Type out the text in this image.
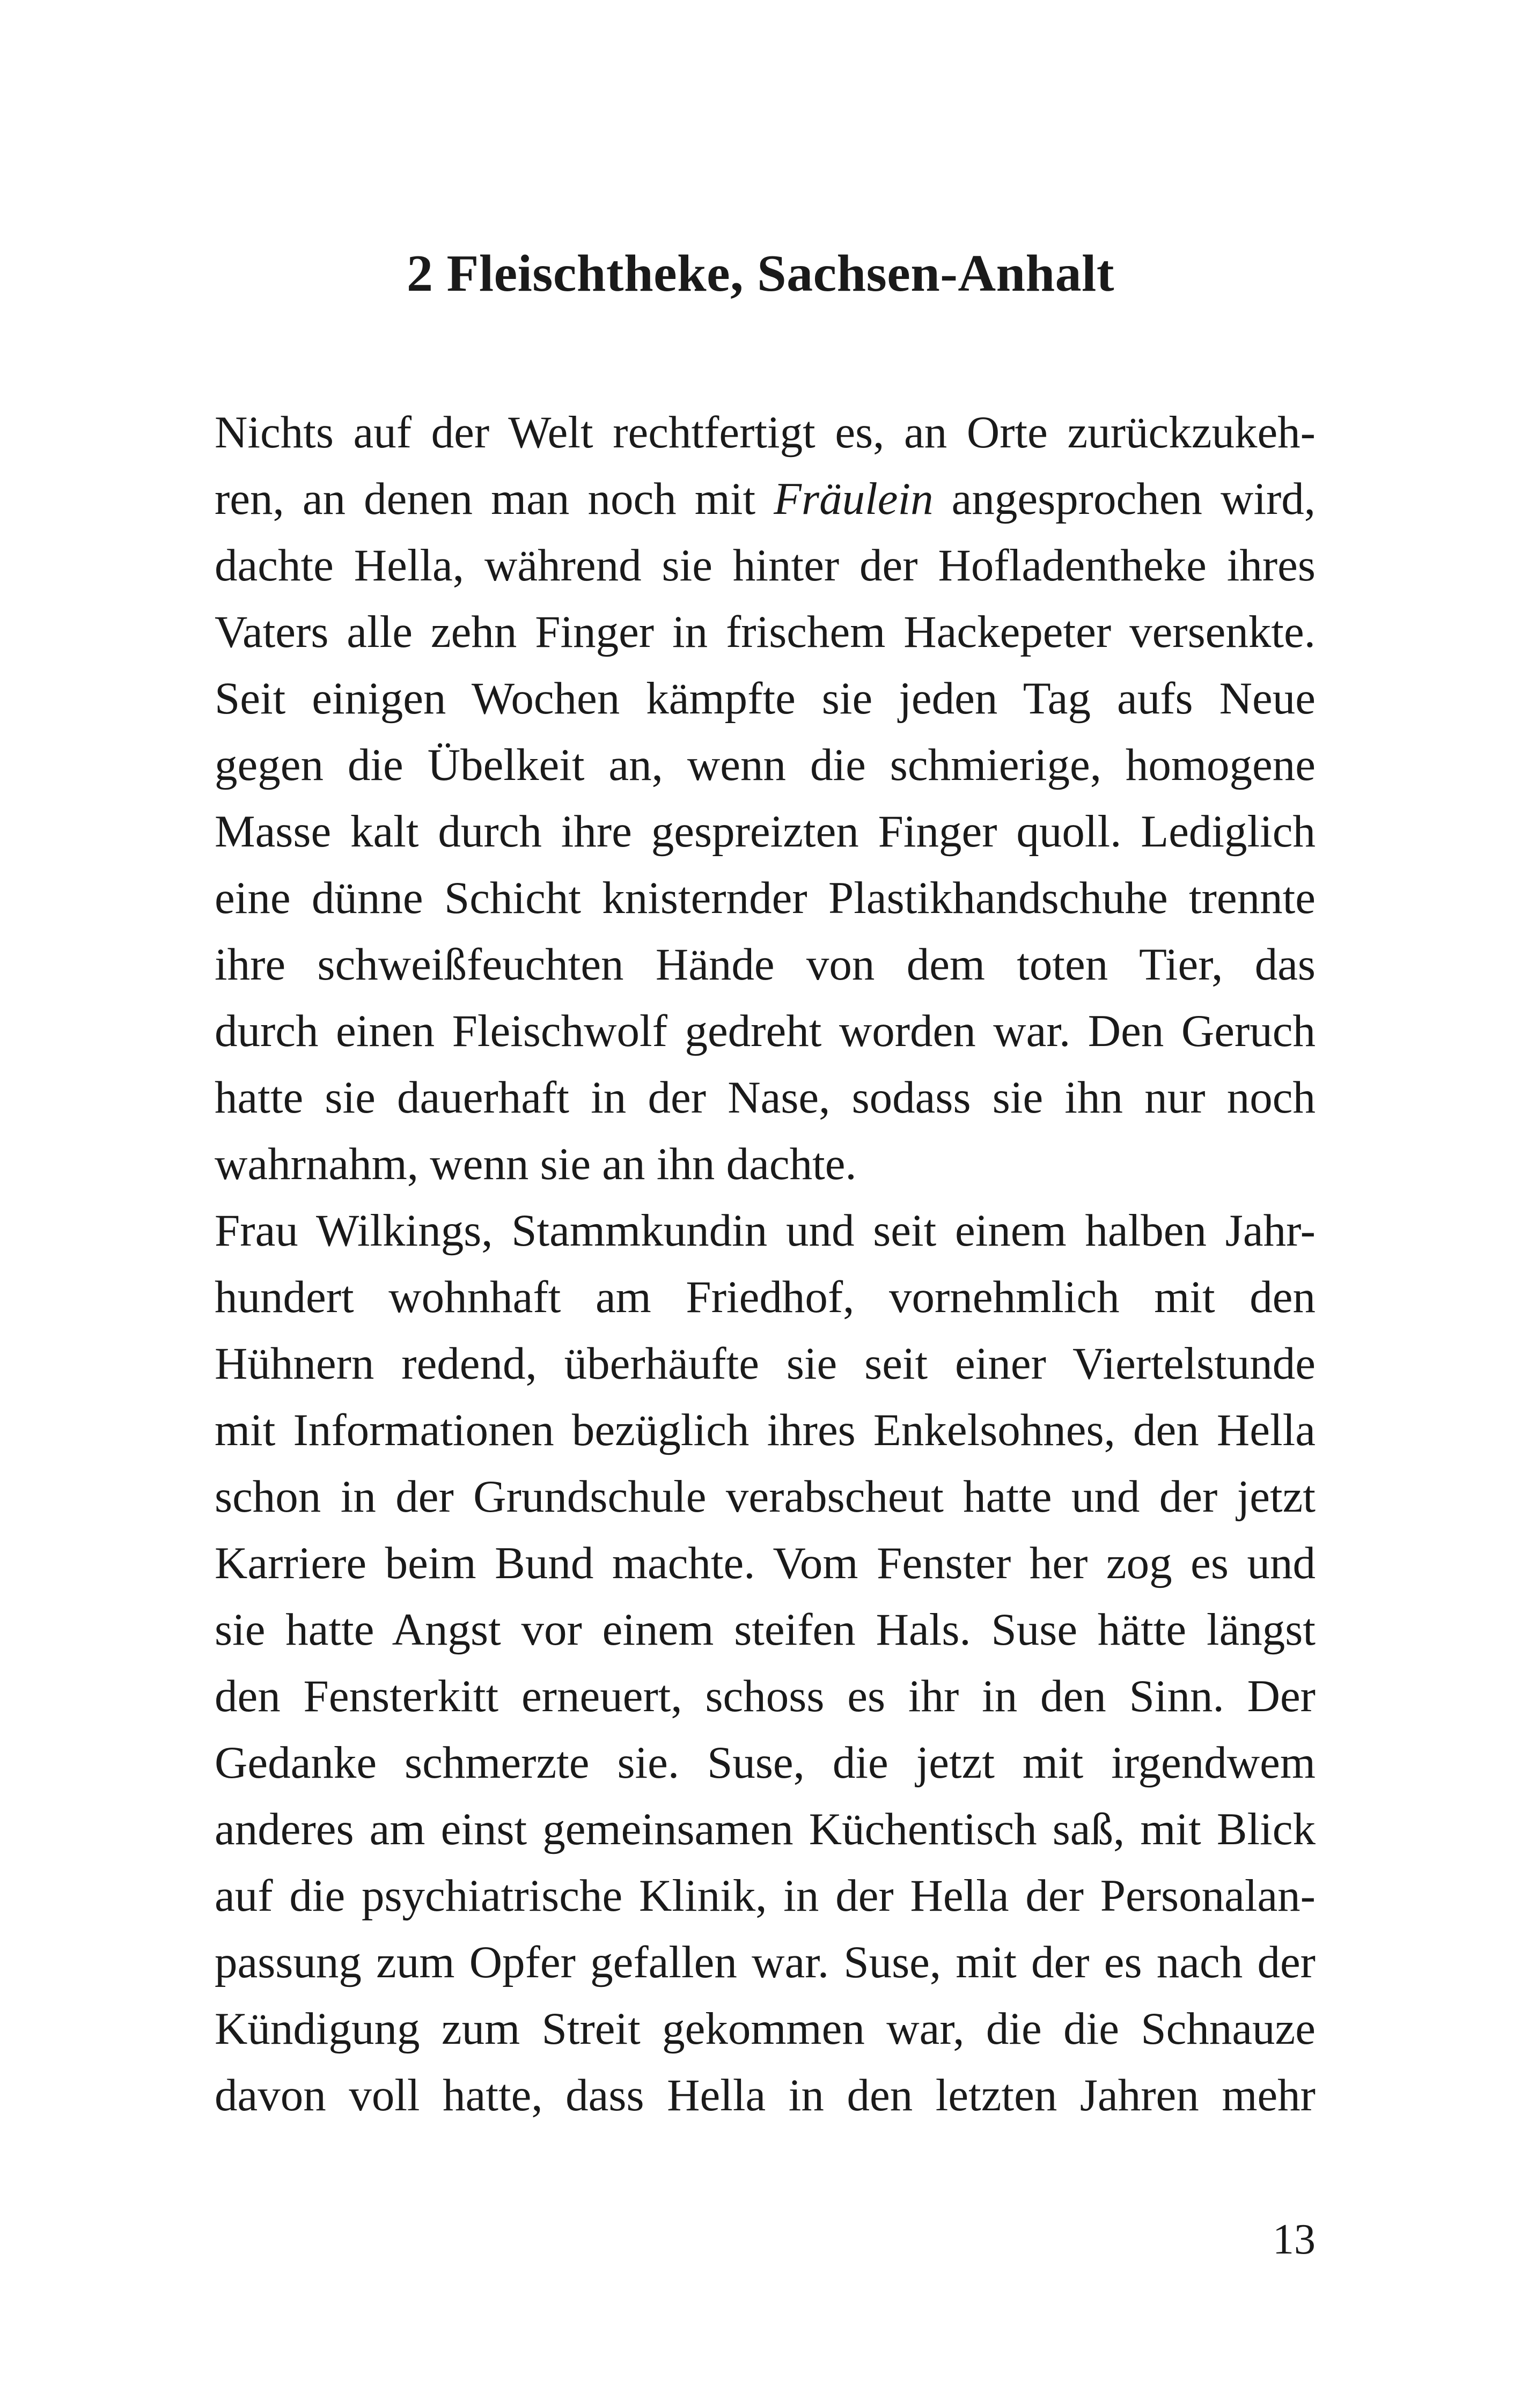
2 Fleischtheke, Sachsen-Anhalt
Nichts auf der Welt rechtfertigt es, an Orte zurückzukeh-
ren, an denen man noch mit Fräulein angesprochen wird,
dachte Hella, während sie hinter der Hofladentheke ihres
Vaters alle zehn Finger in frischem Hackepeter versenkte.
Seit einigen Wochen kämpfte sie jeden Tag aufs Neue
gegen die Übelkeit an, wenn die schmierige, homogene
Masse kalt durch ihre gespreizten Finger quoll. Lediglich
eine dünne Schicht knisternder Plastikhandschuhe trennte
ihre schweißfeuchten Hände von dem toten Tier, das
durch einen Fleischwolf gedreht worden war. Den Geruch
hatte sie dauerhaft in der Nase, sodass sie ihn nur noch
wahrnahm, wenn sie an ihn dachte.
Frau Wilkings, Stammkundin und seit einem halben Jahr-
hundert wohnhaft am Friedhof, vornehmlich mit den
Hühnern redend, überhäufte sie seit einer Viertelstunde
mit Informationen bezüglich ihres Enkelsohnes, den Hella
schon in der Grundschule verabscheut hatte und der jetzt
Karriere beim Bund machte. Vom Fenster her zog es und
sie hatte Angst vor einem steifen Hals. Suse hätte längst
den Fensterkitt erneuert, schoss es ihr in den Sinn. Der
Gedanke schmerzte sie. Suse, die jetzt mit irgendwem
anderes am einst gemeinsamen Küchentisch saß, mit Blick
auf die psychiatrische Klinik, in der Hella der Personalan-
passung zum Opfer gefallen war. Suse, mit der es nach der
Kündigung zum Streit gekommen war, die die Schnauze
davon voll hatte, dass Hella in den letzten Jahren mehr
13
